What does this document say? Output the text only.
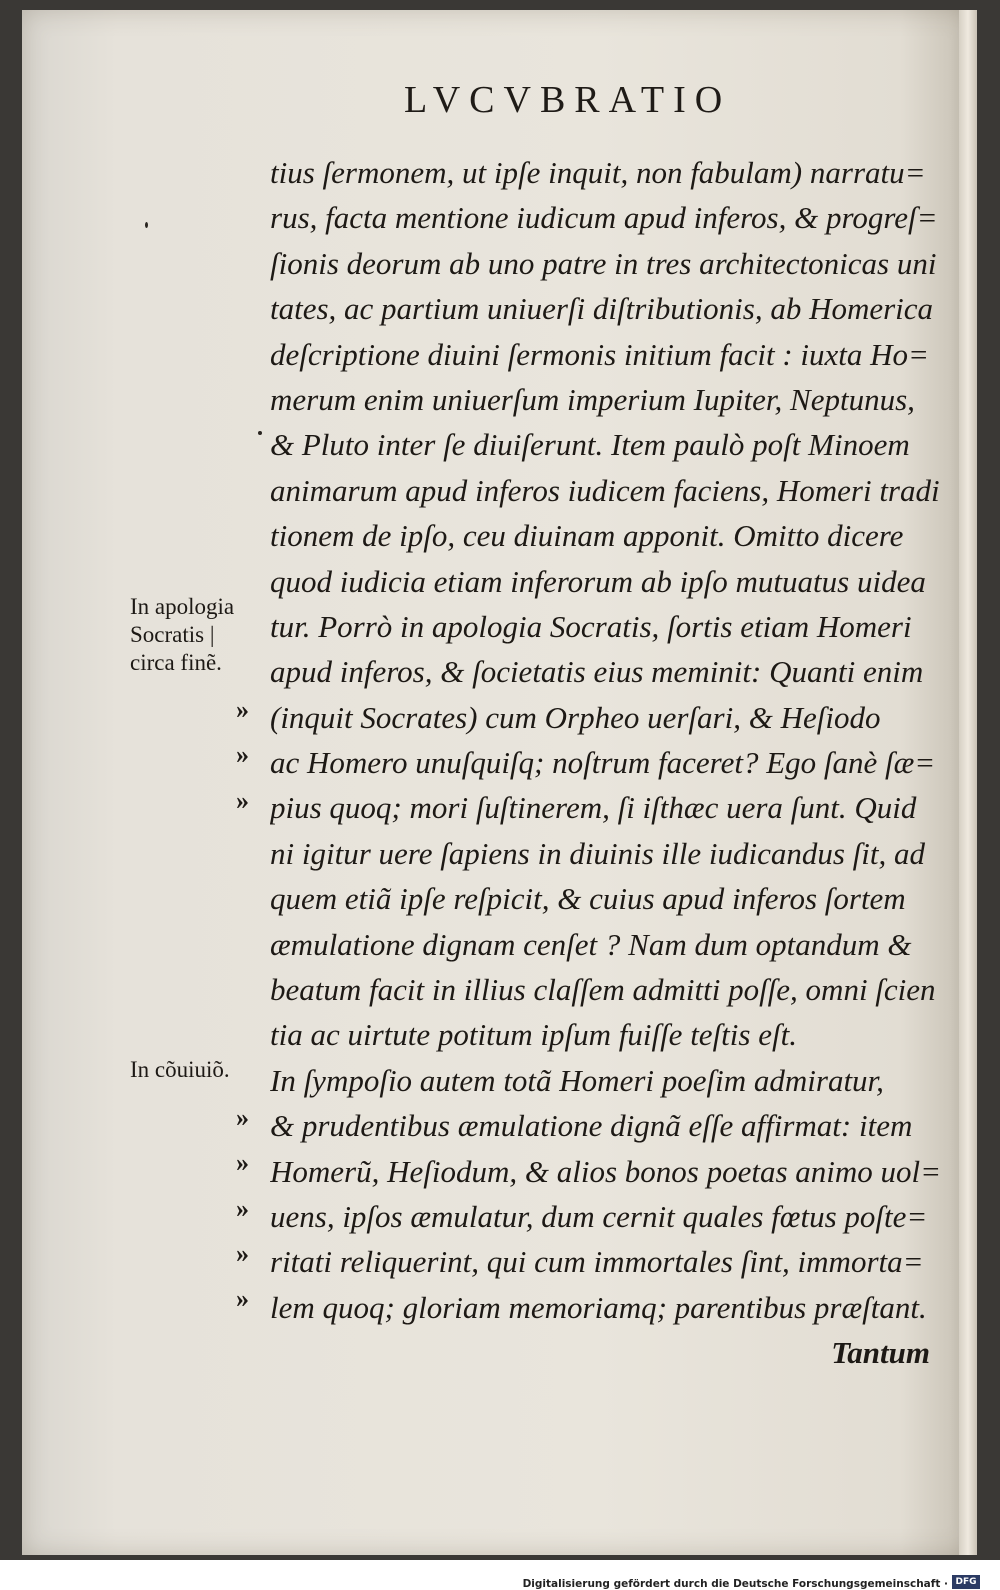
LVCVBRATIO
In apologia
Socratis |
circa finẽ.
In cõuiuiõ.
»
»
»
»
»
»
»
»
tius ſermonem, ut ipſe inquit, non fabulam) narratu=
rus, facta mentione iudicum apud inferos, & progreſ=
ſionis deorum ab uno patre in tres architectonicas uni
tates, ac partium uniuerſi diſtributionis, ab Homerica
deſcriptione diuini ſermonis initium facit : iuxta Ho=
merum enim uniuerſum imperium Iupiter, Neptunus,
& Pluto inter ſe diuiſerunt. Item paulò poſt Minoem
animarum apud inferos iudicem faciens, Homeri tradi
tionem de ipſo, ceu diuinam apponit. Omitto dicere
quod iudicia etiam inferorum ab ipſo mutuatus uidea
tur. Porrò in apologia Socratis, ſortis etiam Homeri
apud inferos, & ſocietatis eius meminit: Quanti enim
(inquit Socrates) cum Orpheo uerſari, & Heſiodo
ac Homero unuſquiſq; noſtrum faceret? Ego ſanè ſæ=
pius quoq; mori ſuſtinerem, ſi iſthæc uera ſunt. Quid
ni igitur uere ſapiens in diuinis ille iudicandus ſit, ad
quem etiã ipſe reſpicit, & cuius apud inferos ſortem
æmulatione dignam cenſet ? Nam dum optandum &
beatum facit in illius claſſem admitti poſſe, omni ſcien
tia ac uirtute potitum ipſum fuiſſe teſtis eſt.
In ſympoſio autem totã Homeri poeſim admiratur,
& prudentibus æmulatione dignã eſſe affirmat: item
Homerũ, Heſiodum, & alios bonos poetas animo uol=
uens, ipſos æmulatur, dum cernit quales fœtus poſte=
ritati reliquerint, qui cum immortales ſint, immorta=
lem quoq; gloriam memoriamq; parentibus præſtant.
Tantum
Digitalisierung gefördert durch die Deutsche Forschungsgemeinschaft · DFG
